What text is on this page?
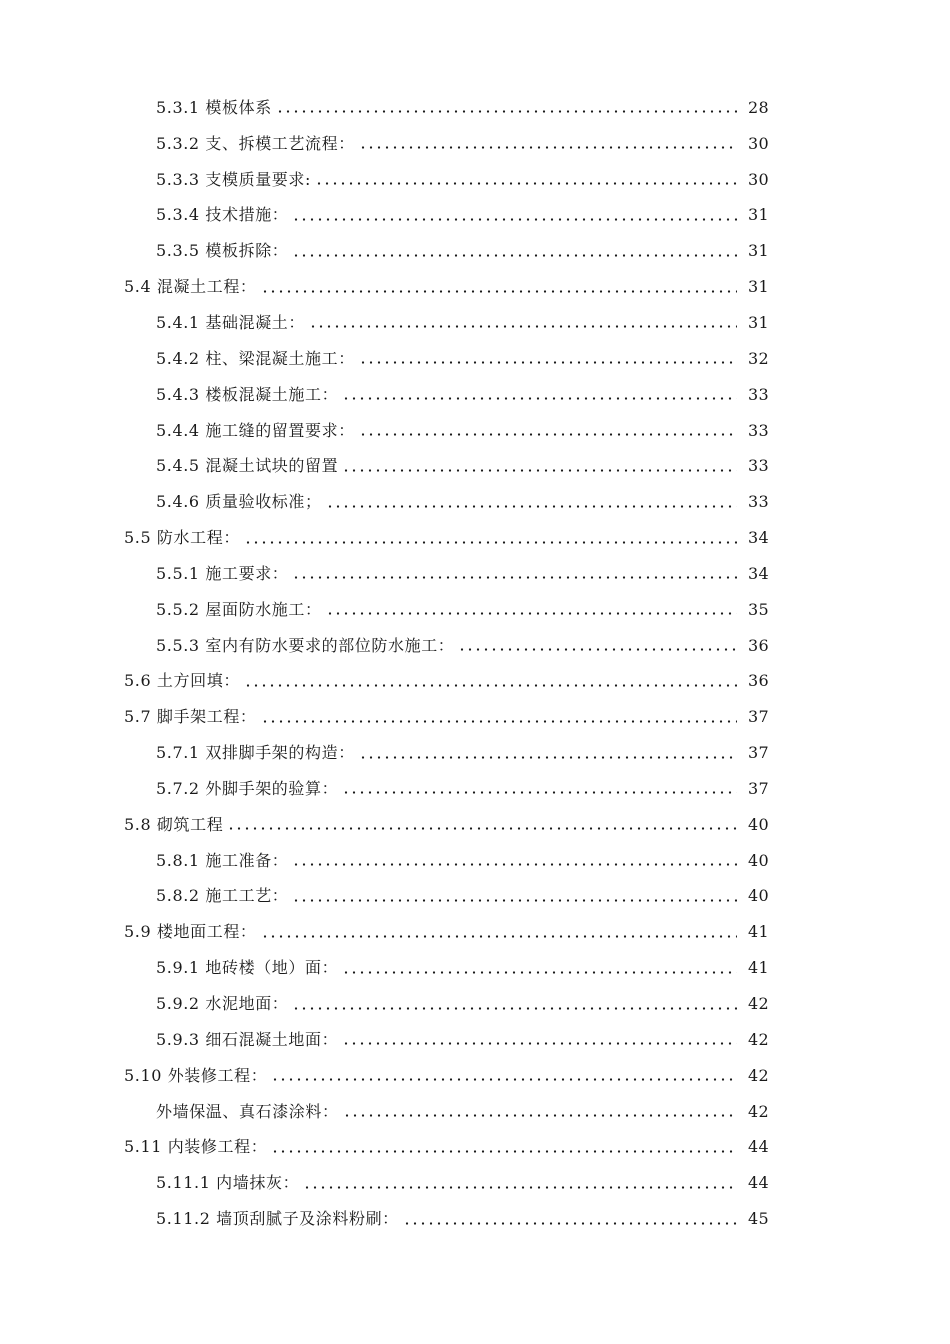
5.3.1 模板体系	28
5.3.2 支、拆模工艺流程：	30
5.3.3 支模质量要求:	30
5.3.4 技术措施：	31
5.3.5 模板拆除：	31
5.4 混凝土工程：	31
5.4.1 基础混凝土：	31
5.4.2 柱、梁混凝土施工：	32
5.4.3 楼板混凝土施工：	33
5.4.4 施工缝的留置要求：	33
5.4.5 混凝土试块的留置	33
5.4.6 质量验收标准；	33
5.5 防水工程：	34
5.5.1 施工要求：	34
5.5.2 屋面防水施工：	35
5.5.3 室内有防水要求的部位防水施工：	36
5.6 土方回填：	36
5.7 脚手架工程：	37
5.7.1 双排脚手架的构造：	37
5.7.2 外脚手架的验算：	37
5.8 砌筑工程	40
5.8.1 施工准备：	40
5.8.2 施工工艺：	40
5.9 楼地面工程：	41
5.9.1 地砖楼（地）面：	41
5.9.2 水泥地面：	42
5.9.3 细石混凝土地面：	42
5.10 外装修工程：	42
外墙保温、真石漆涂料：	42
5.11 内装修工程：	44
5.11.1 内墙抹灰：	44
5.11.2 墙顶刮腻子及涂料粉刷：	45
